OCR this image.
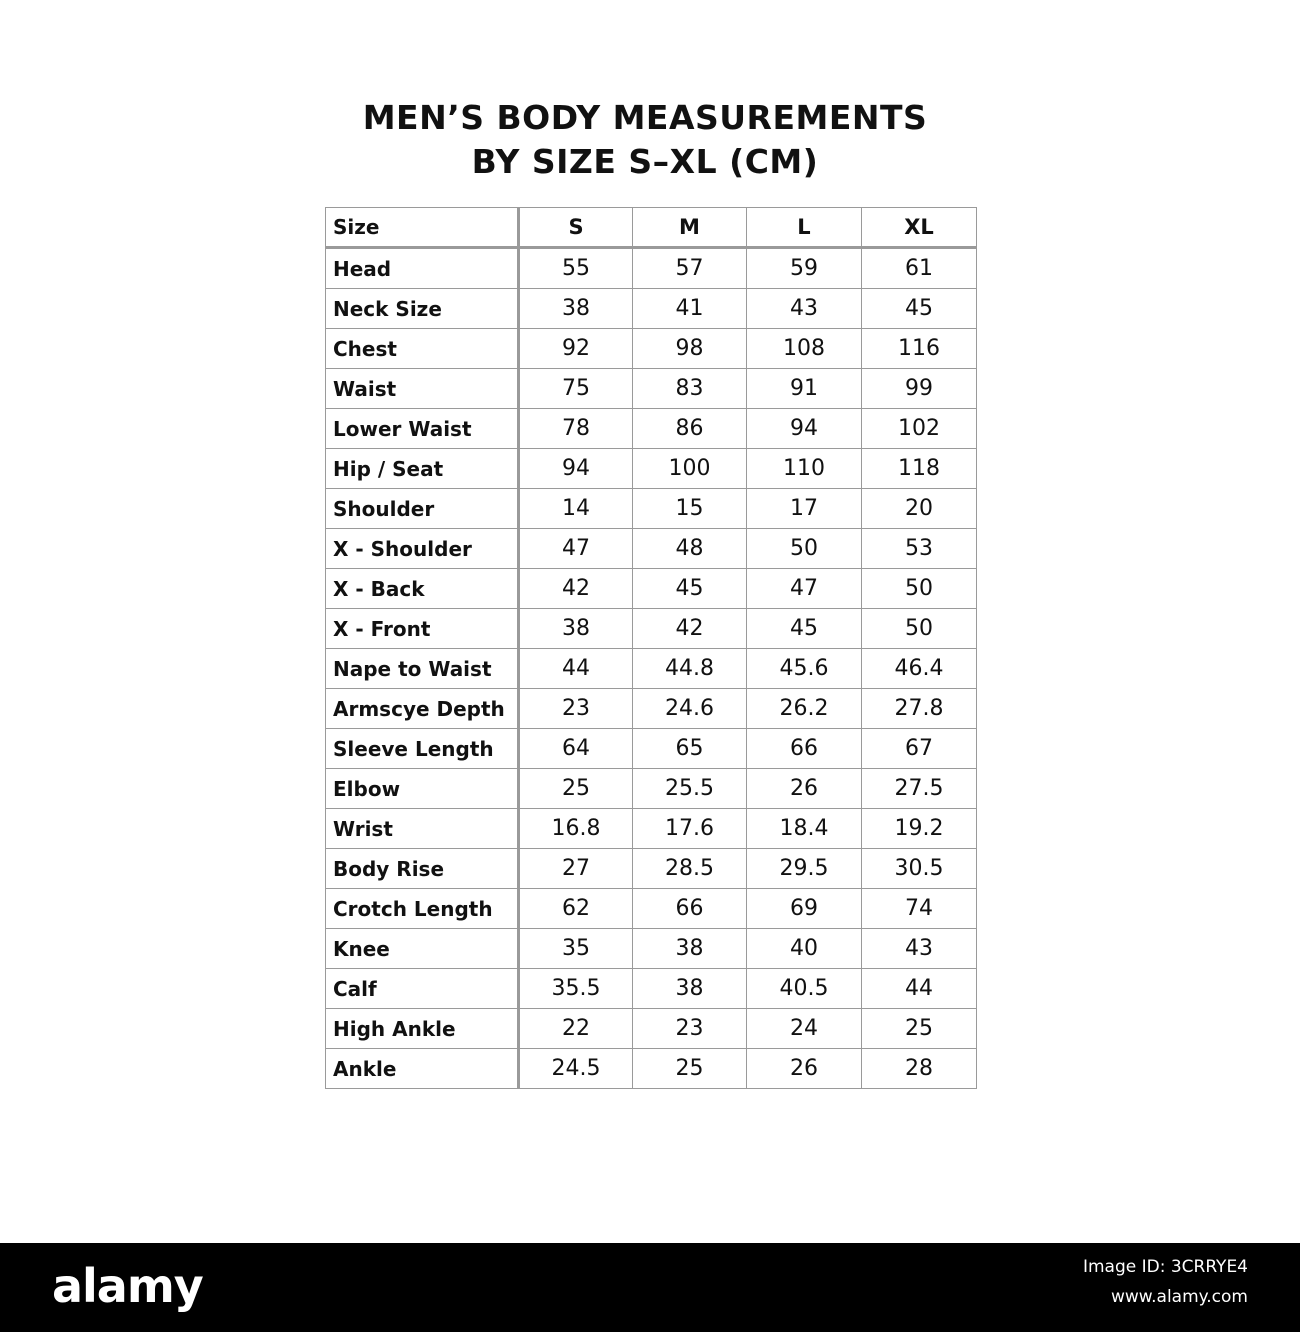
MEN’S BODY MEASUREMENTS
BY SIZE S–XL (CM)
Size	S	M	L	XL
Head	55	57	59	61
Neck Size	38	41	43	45
Chest	92	98	108	116
Waist	75	83	91	99
Lower Waist	78	86	94	102
Hip / Seat	94	100	110	118
Shoulder	14	15	17	20
X - Shoulder	47	48	50	53
X - Back	42	45	47	50
X - Front	38	42	45	50
Nape to Waist	44	44.8	45.6	46.4
Armscye Depth	23	24.6	26.2	27.8
Sleeve Length	64	65	66	67
Elbow	25	25.5	26	27.5
Wrist	16.8	17.6	18.4	19.2
Body Rise	27	28.5	29.5	30.5
Crotch Length	62	66	69	74
Knee	35	38	40	43
Calf	35.5	38	40.5	44
High Ankle	22	23	24	25
Ankle	24.5	25	26	28
alamy	Image ID: 3CRRYE4
www.alamy.com
